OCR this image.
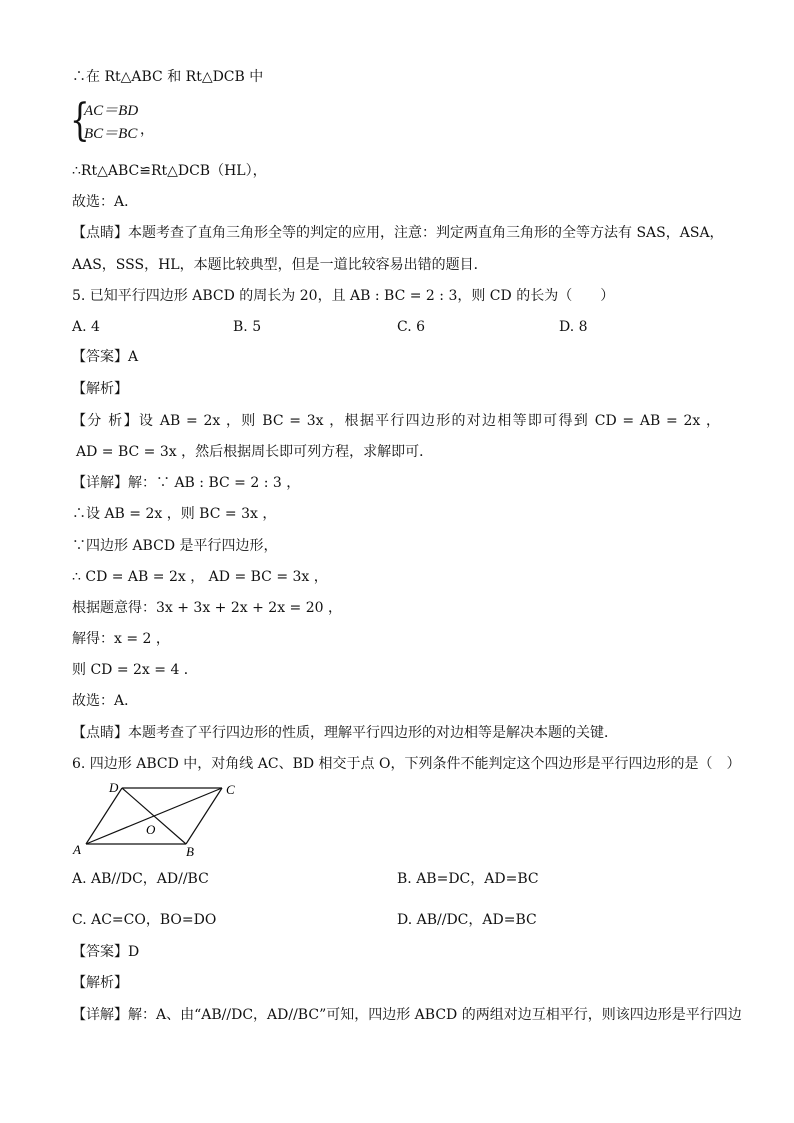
∴在 Rt△ABC 和 Rt△DCB 中
{
AC＝BD
BC＝BC ，
∴Rt△ABC≌Rt△DCB（HL），
故选：A．
【点睛】本题考查了直角三角形全等的判定的应用，注意：判定两直角三角形的全等方法有 SAS，ASA，
AAS，SSS，HL，本题比较典型，但是一道比较容易出错的题目．
5. 已知平行四边形 ABCD 的周长为 20，且 AB : BC = 2 : 3，则 CD 的长为（　　）
A. 4	B. 5	C. 6	D. 8
【答案】A
【解析】
【分 析】设 AB = 2x ，则 BC = 3x ，根据平行四边形的对边相等即可得到 CD = AB = 2x ，
AD = BC = 3x ，然后根据周长即可列方程，求解即可．
【详解】解：∵ AB : BC = 2 : 3 ，
∴设 AB = 2x ，则 BC = 3x ，
∵四边形 ABCD 是平行四边形，
∴ CD = AB = 2x ， AD = BC = 3x ，
根据题意得：3x + 3x + 2x + 2x = 20 ，
解得：x = 2 ，
则 CD = 2x = 4 ．
故选：A．
【点睛】本题考查了平行四边形的性质，理解平行四边形的对边相等是解决本题的关键．
6. 四边形 ABCD 中，对角线 AC、BD 相交于点 O，下列条件不能判定这个四边形是平行四边形的是（　）
D	C
O
A	B
A. AB//DC，AD//BC	B. AB=DC，AD=BC
C. AC=CO，BO=DO	D. AB//DC，AD=BC
【答案】D
【解析】
【详解】解：A、由“AB//DC，AD//BC”可知，四边形 ABCD 的两组对边互相平行，则该四边形是平行四边
